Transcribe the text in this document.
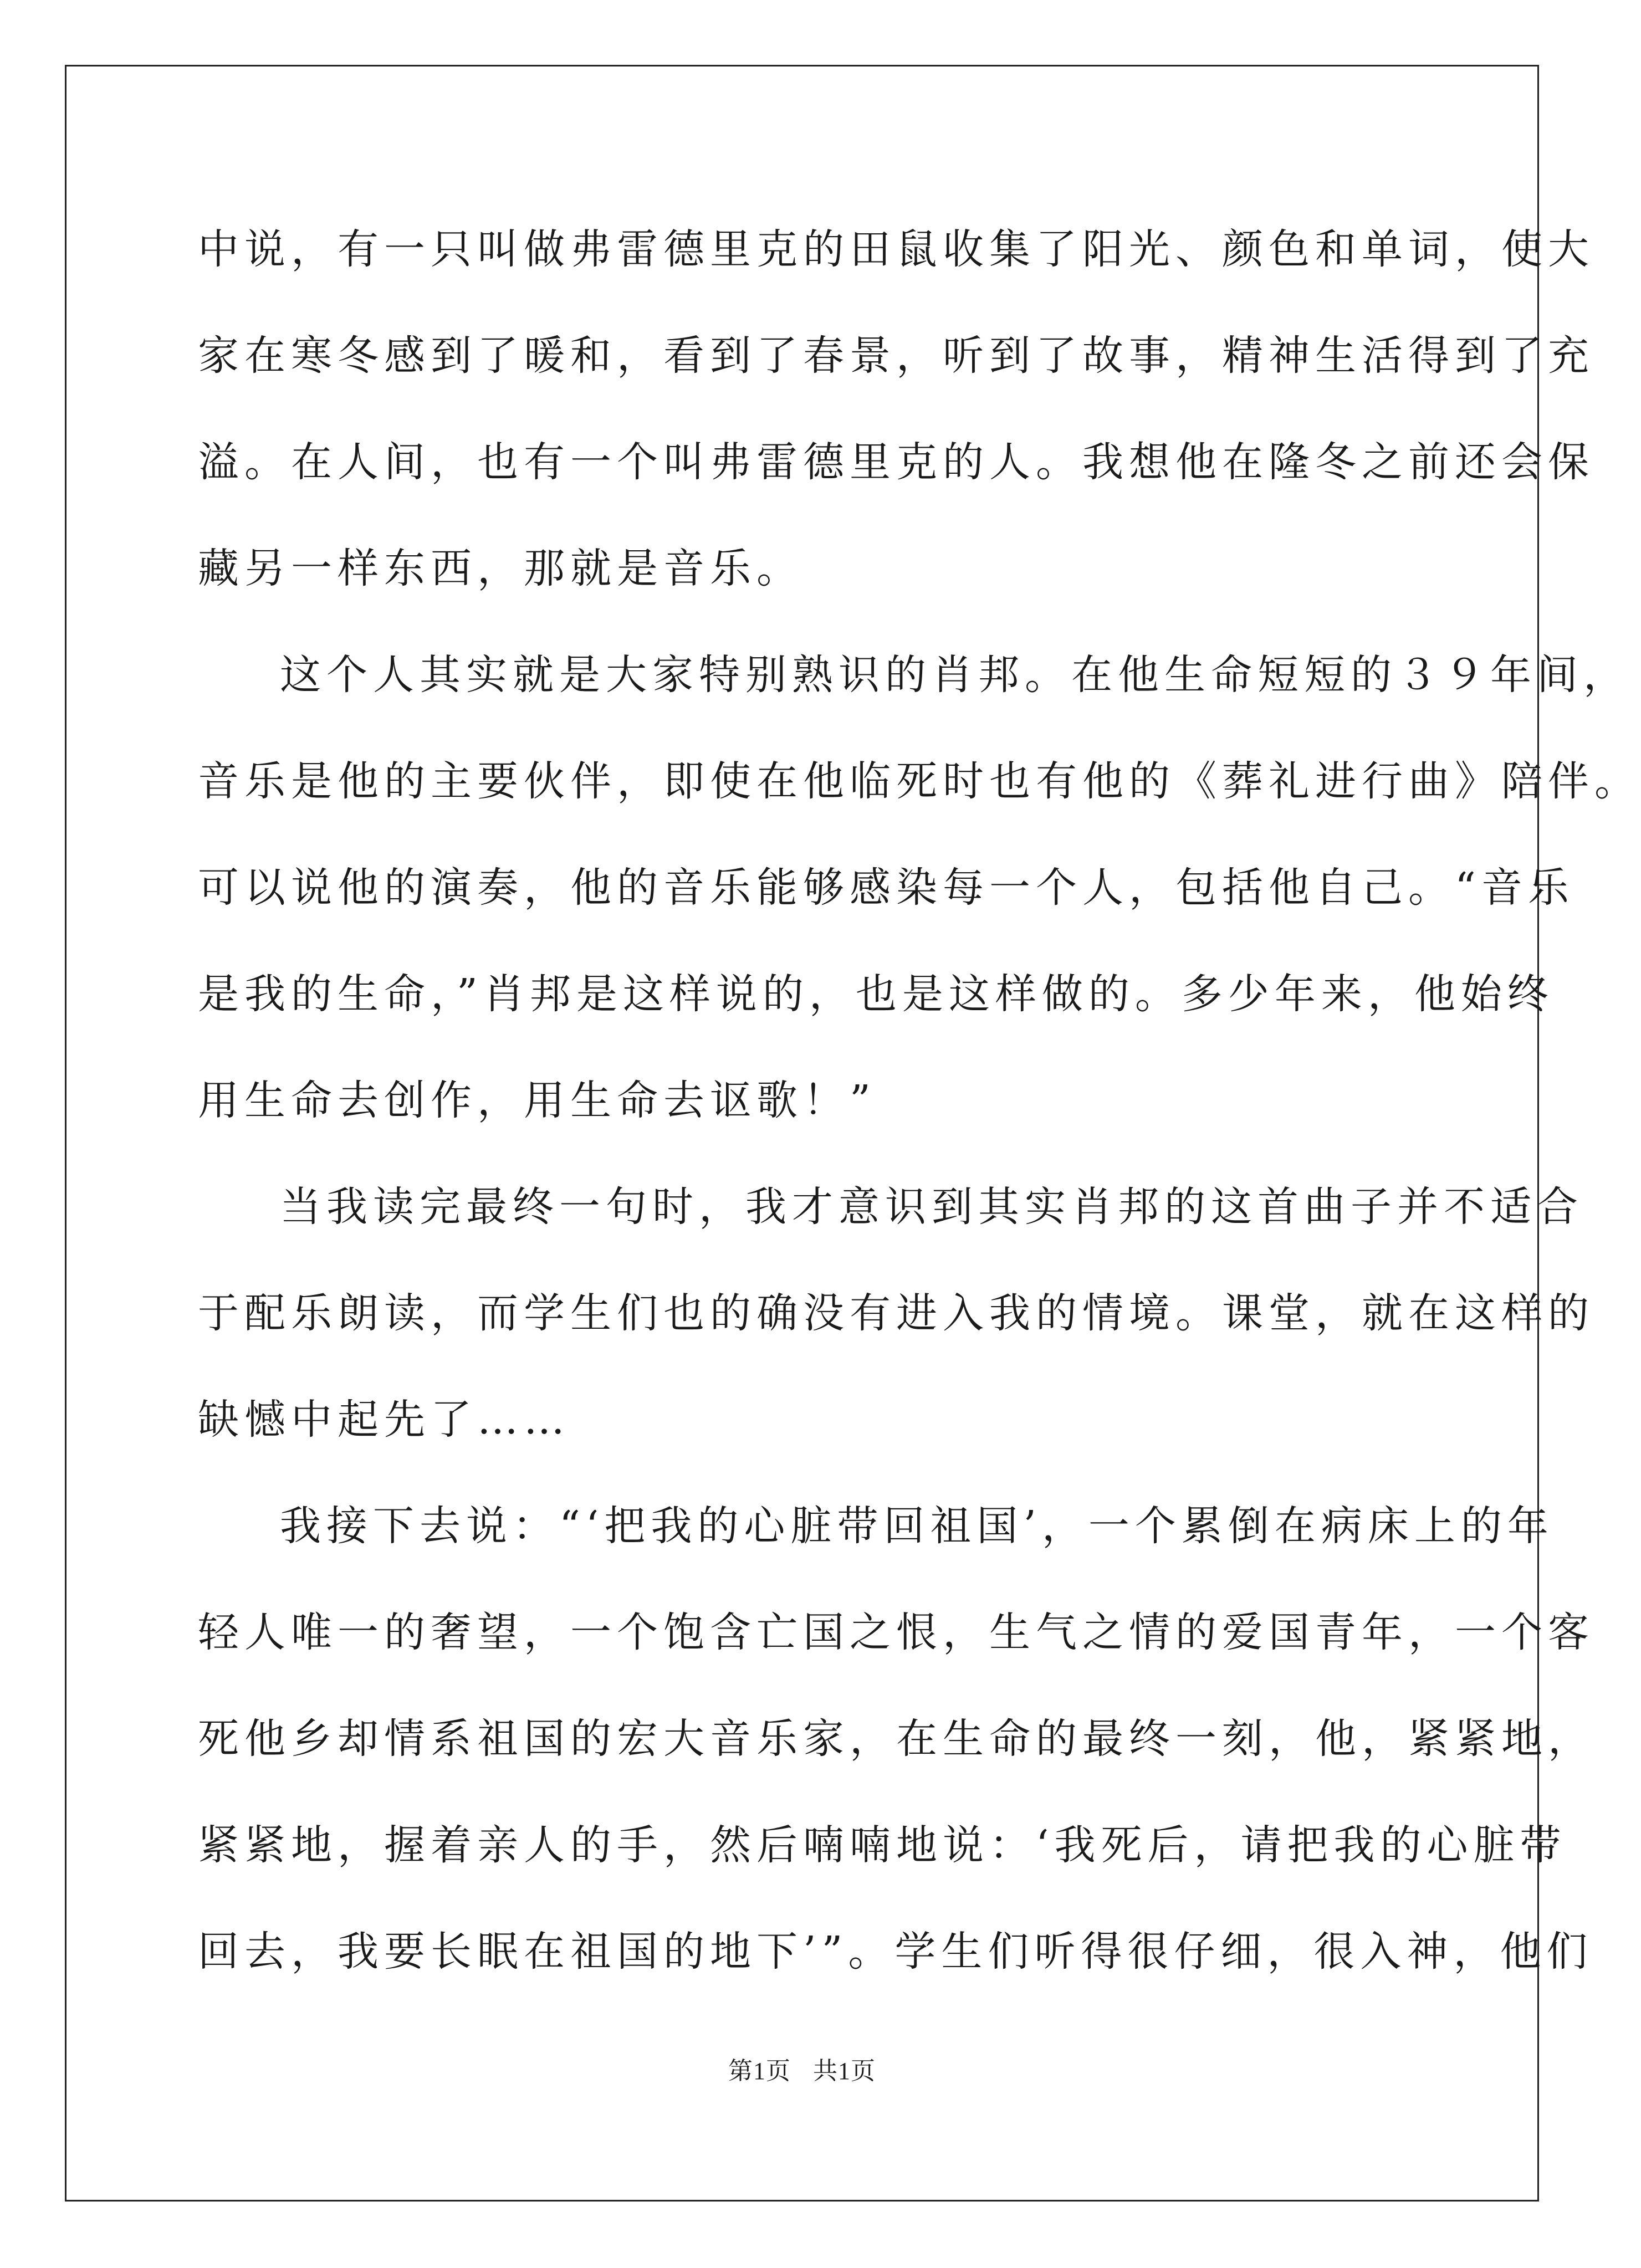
中说，有一只叫做弗雷德里克的田鼠收集了阳光、颜色和单词，使大
家在寒冬感到了暖和，看到了春景，听到了故事，精神生活得到了充
溢。在人间，也有一个叫弗雷德里克的人。我想他在隆冬之前还会保
藏另一样东西，那就是音乐。
这个人其实就是大家特别熟识的肖邦。在他生命短短的３９年间，
音乐是他的主要伙伴，即使在他临死时也有他的《葬礼进行曲》陪伴。
可以说他的演奏，他的音乐能够感染每一个人，包括他自己。“音乐
是我的生命，”肖邦是这样说的，也是这样做的。多少年来，他始终
用生命去创作，用生命去讴歌！”
当我读完最终一句时，我才意识到其实肖邦的这首曲子并不适合
于配乐朗读，而学生们也的确没有进入我的情境。课堂，就在这样的
缺憾中起先了……
我接下去说：“‘把我的心脏带回祖国’，一个累倒在病床上的年
轻人唯一的奢望，一个饱含亡国之恨，生气之情的爱国青年，一个客
死他乡却情系祖国的宏大音乐家，在生命的最终一刻，他，紧紧地，
紧紧地，握着亲人的手，然后喃喃地说：‘我死后，请把我的心脏带
回去，我要长眠在祖国的地下’”。学生们听得很仔细，很入神，他们
第1页 共1页
